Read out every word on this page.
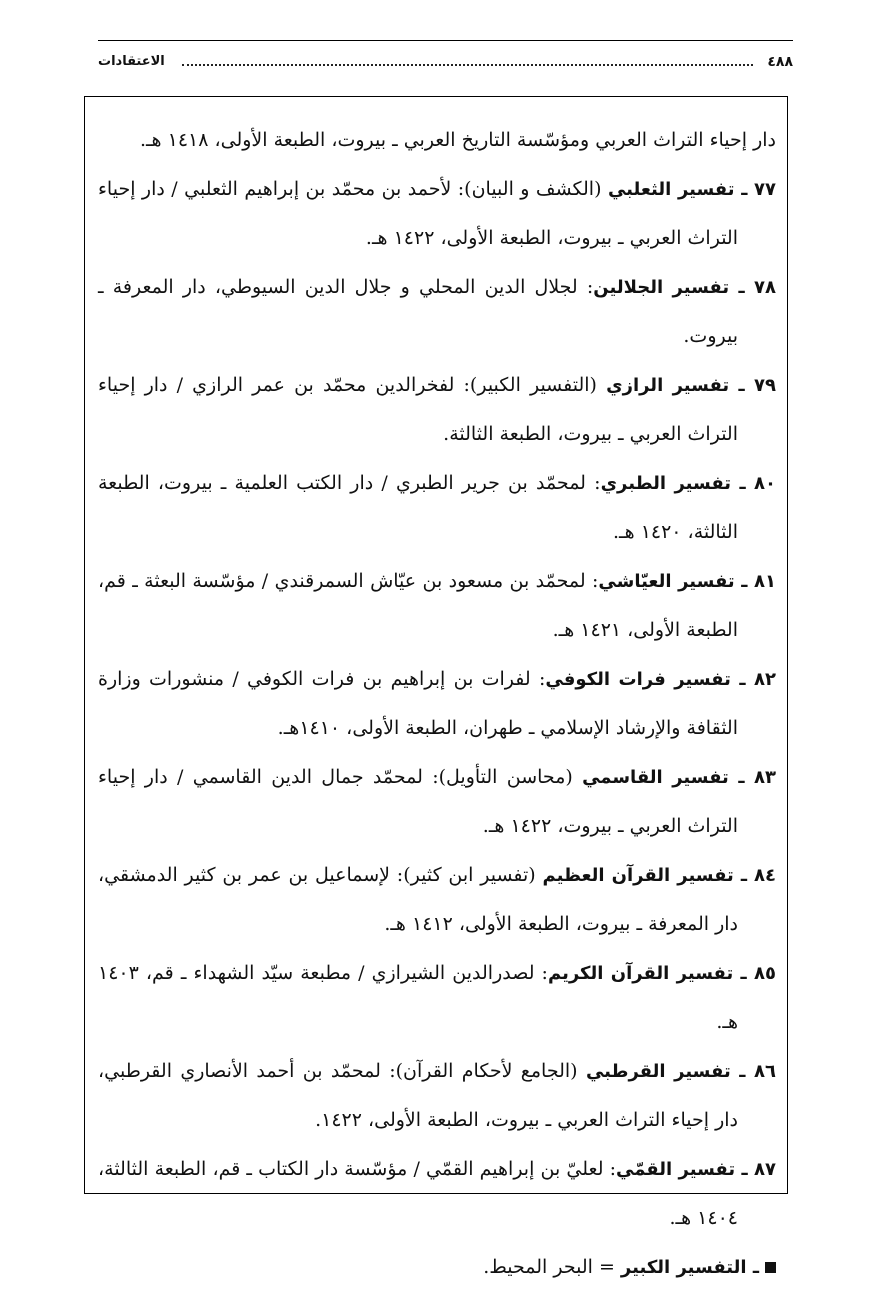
٤٨٨
الاعتقادات
دار إحياء التراث العربي ومؤسّسة التاريخ العربي ـ بيروت، الطبعة الأولى، ١٤١٨ هـ.
٧٧ ـ تفسير الثعلبي (الكشف و البيان): لأحمد بن محمّد بن إبراهيم الثعلبي / دار إحياء التراث العربي ـ بيروت، الطبعة الأولى، ١٤٢٢ هـ.
٧٨ ـ تفسير الجلالين: لجلال الدين المحلي و جلال الدين السيوطي، دار المعرفة ـ بيروت.
٧٩ ـ تفسير الرازي (التفسير الكبير): لفخرالدين محمّد بن عمر الرازي / دار إحياء التراث العربي ـ بيروت، الطبعة الثالثة.
٨٠ ـ تفسير الطبري: لمحمّد بن جرير الطبري / دار الكتب العلمية ـ بيروت، الطبعة الثالثة، ١٤٢٠ هـ.
٨١ ـ تفسير العيّاشي: لمحمّد بن مسعود بن عيّاش السمرقندي / مؤسّسة البعثة ـ قم، الطبعة الأولى، ١٤٢١ هـ.
٨٢ ـ تفسير فرات الكوفي: لفرات بن إبراهيم بن فرات الكوفي / منشورات وزارة الثقافة والإرشاد الإسلامي ـ طهران، الطبعة الأولى، ١٤١٠هـ.
٨٣ ـ تفسير القاسمي (محاسن التأويل): لمحمّد جمال الدين القاسمي / دار إحياء التراث العربي ـ بيروت، ١٤٢٢ هـ.
٨٤ ـ تفسير القرآن العظيم (تفسير ابن كثير): لإسماعيل بن عمر بن كثير الدمشقي، دار المعرفة ـ بيروت، الطبعة الأولى، ١٤١٢ هـ.
٨٥ ـ تفسير القرآن الكريم: لصدرالدين الشيرازي / مطبعة سيّد الشهداء ـ قم، ١٤٠٣ هـ.
٨٦ ـ تفسير القرطبي (الجامع لأحكام القرآن): لمحمّد بن أحمد الأنصاري القرطبي، دار إحياء التراث العربي ـ بيروت، الطبعة الأولى، ١٤٢٢.
٨٧ ـ تفسير القمّي: لعليّ بن إبراهيم القمّي / مؤسّسة دار الكتاب ـ قم، الطبعة الثالثة، ١٤٠٤ هـ.
ـ التفسير الكبير = البحر المحيط.
